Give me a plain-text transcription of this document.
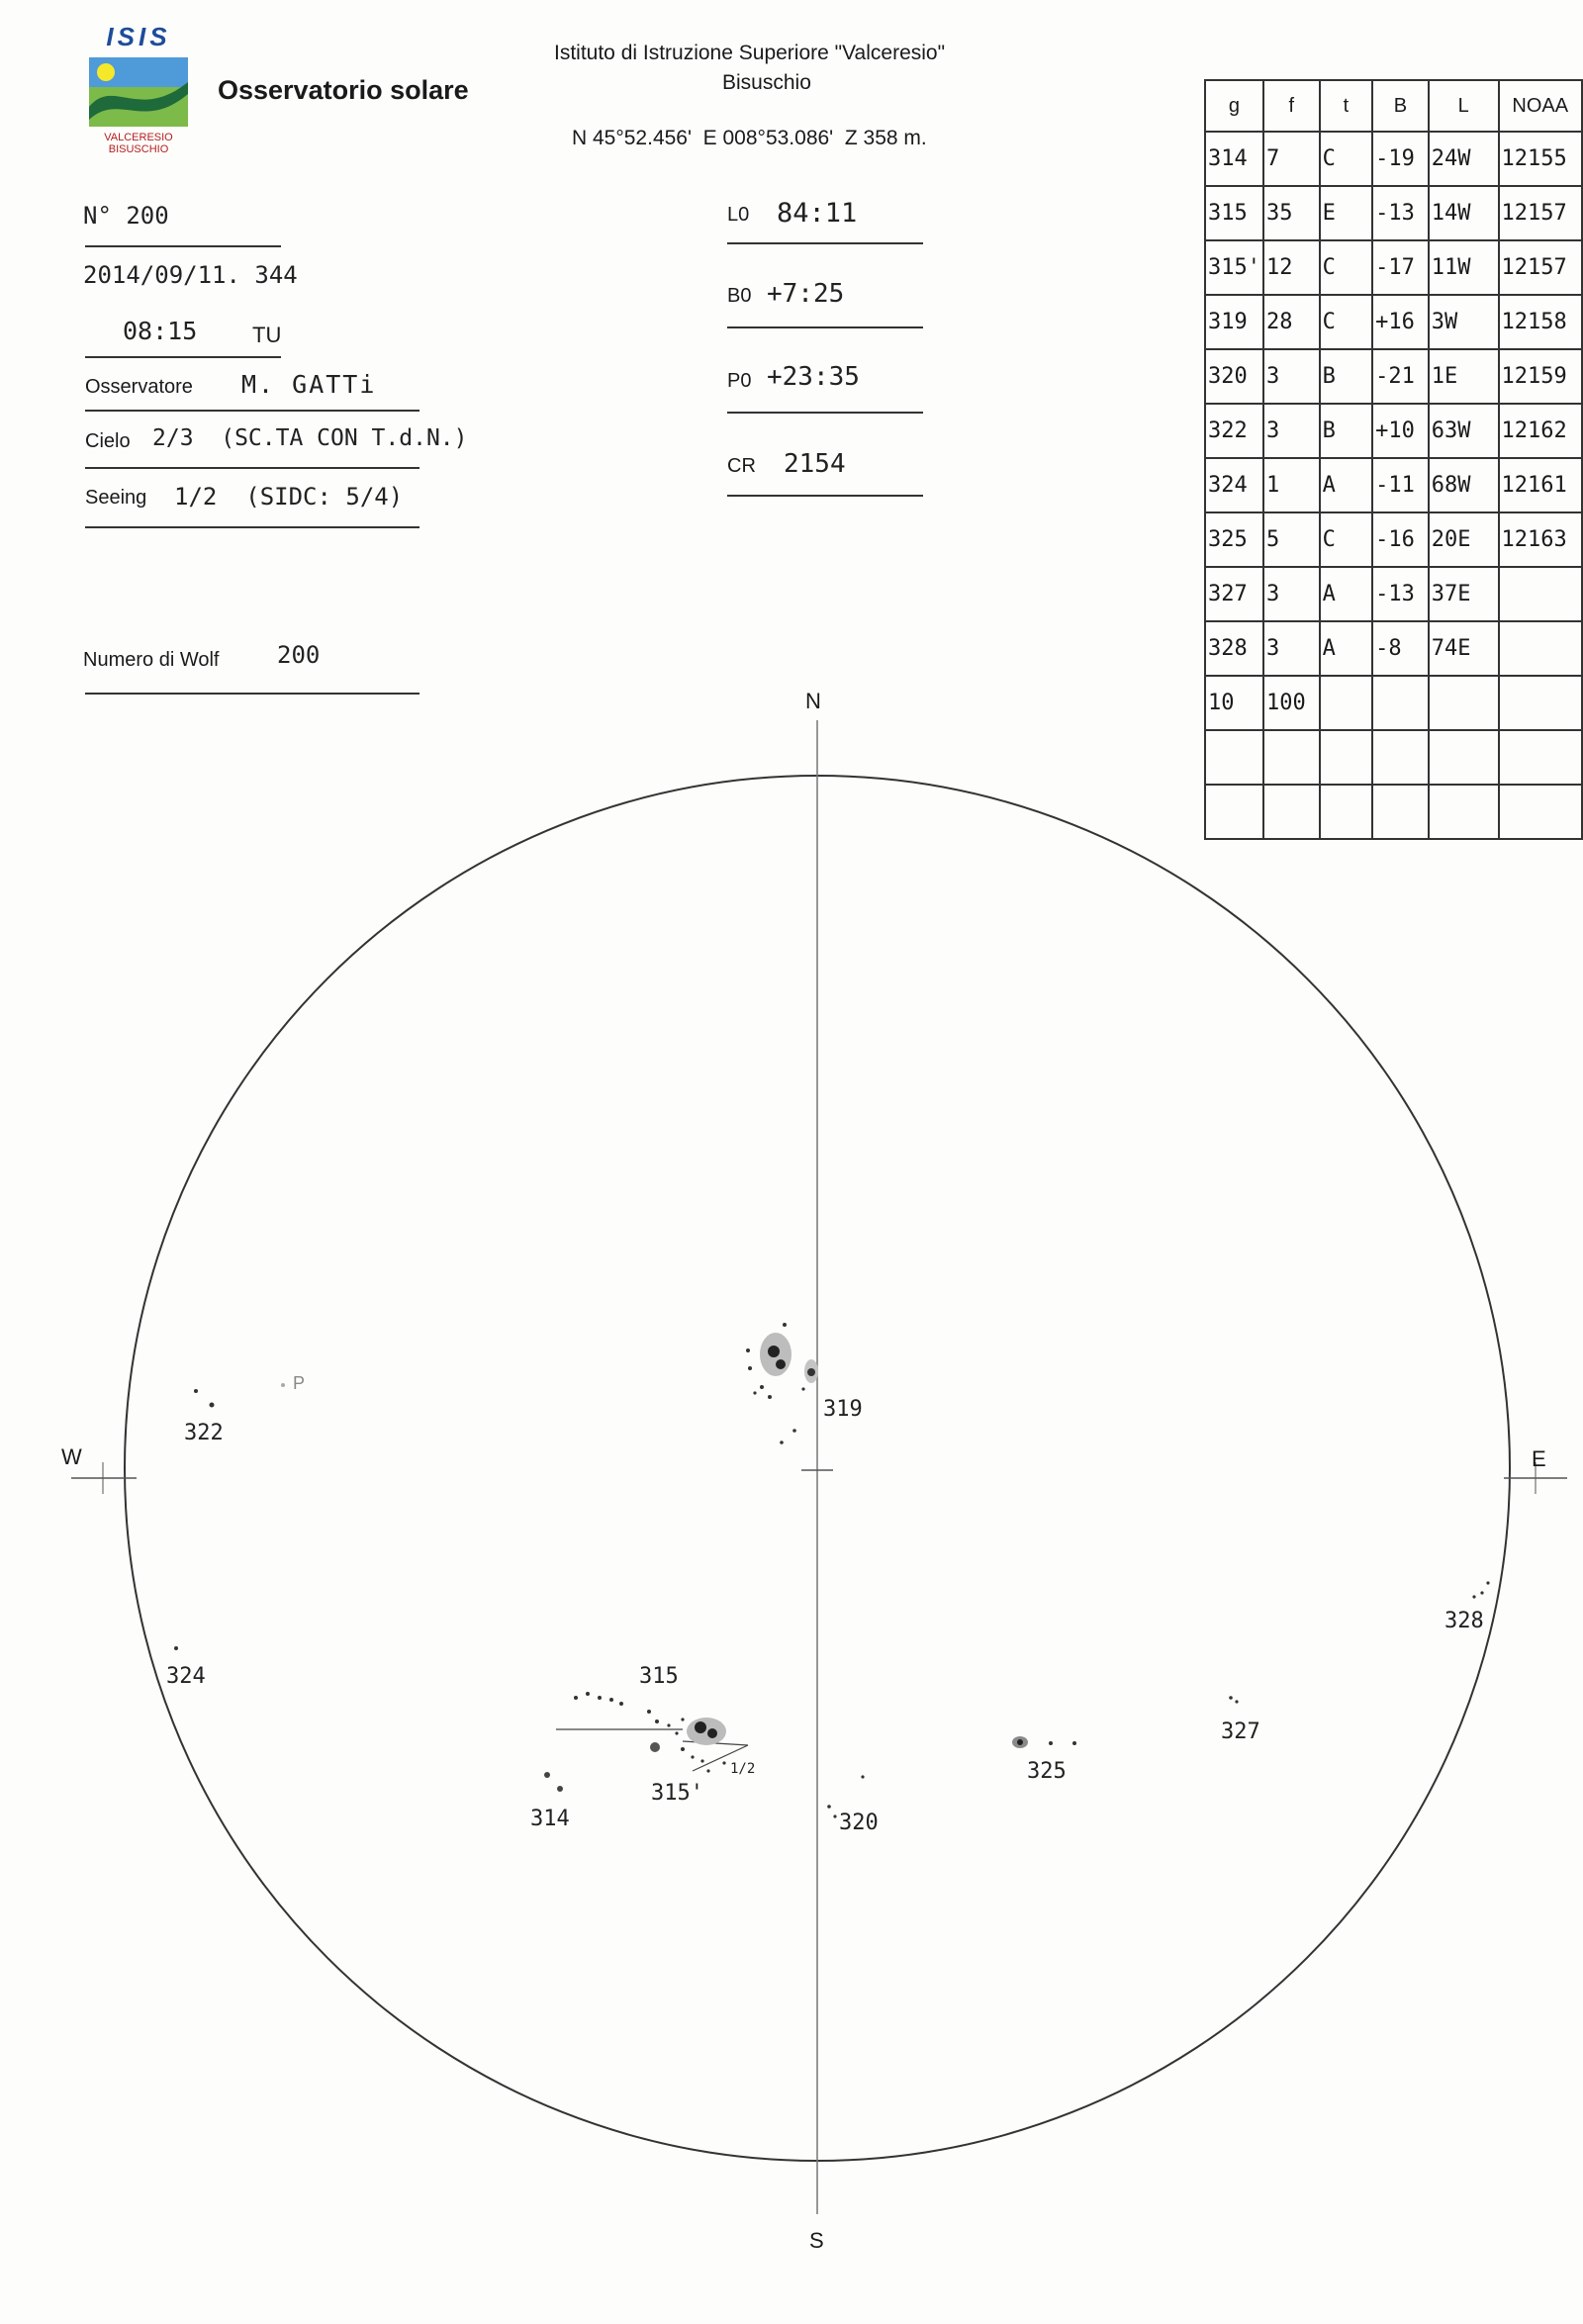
ISIS
VALCERESIO
BISUSCHIO
Osservatorio solare
Istituto di Istruzione Superiore "Valceresio"
Bisuschio
N 45°52.456'  E 008°53.086'  Z 358 m.
N° 200
2014/09/11. 344
08:15	TU
Osservatore M. GATTi
Cielo 2/3  (SC.TA CON T.d.N.)
Seeing 1/2  (SIDC: 5/4)
Numero di Wolf 200
L0 84:11
B0 +7:25
P0 +23:35
CR 2154
g	f	t	B	L	NOAA
314	7	C	-19	24W	12155
315	35	E	-13	14W	12157
315'	12	C	-17	11W	12157
319	28	C	+16	3W	12158
320	3	B	-21	1E	12159
322	3	B	+10	63W	12162
324	1	A	-11	68W	12161
325	5	C	-16	20E	12163
327	3	A	-13	37E	
328	3	A	-8	74E	
10	100				

N
S
W	E
P
319
322
324	315
315'
314	320
325
327
328
1/2
